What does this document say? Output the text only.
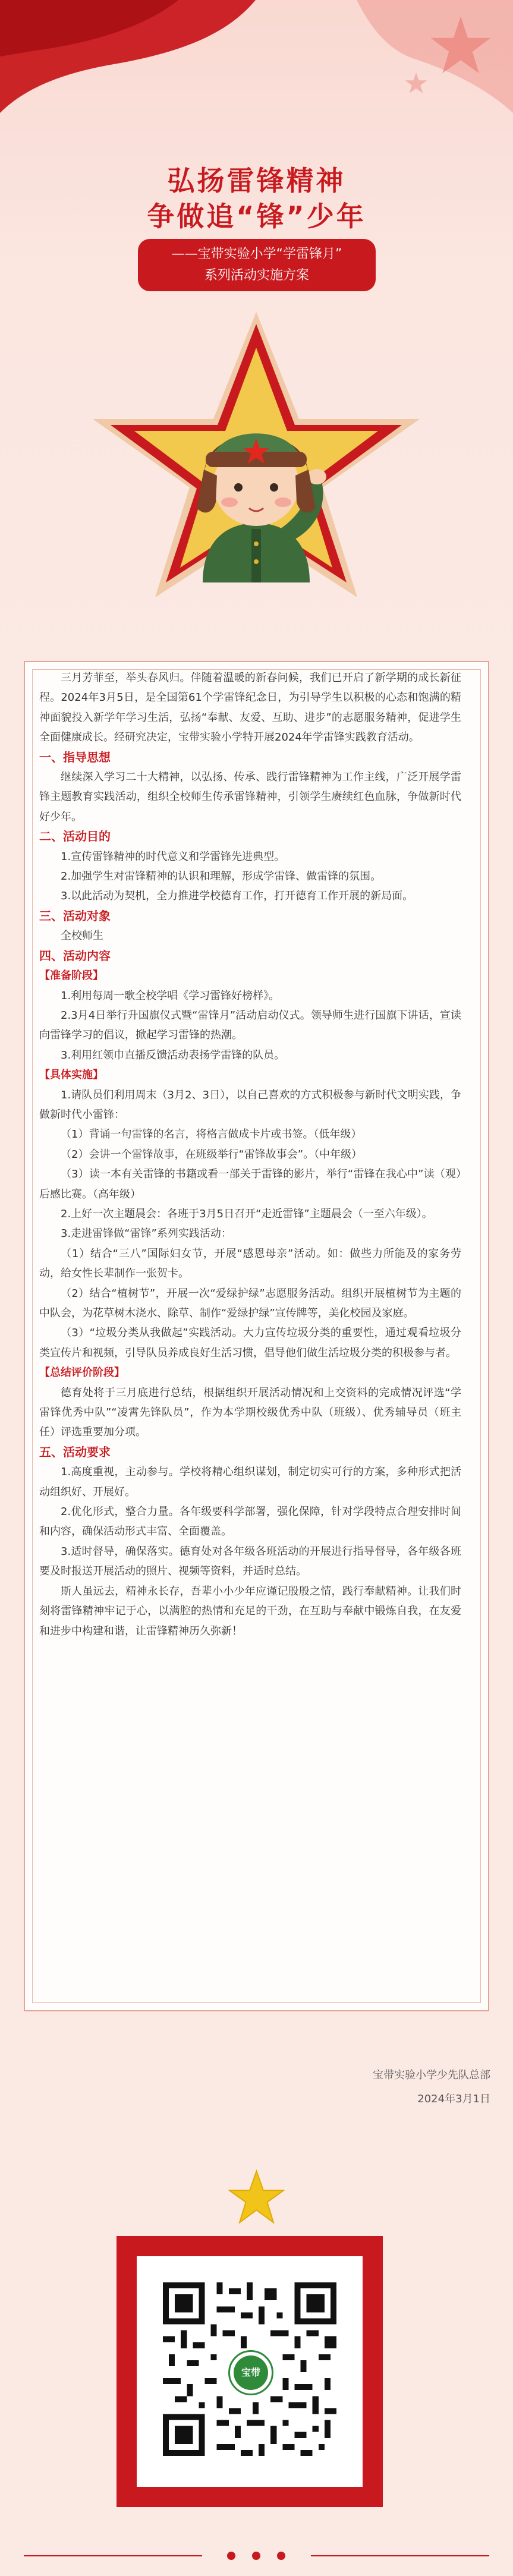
弘扬雷锋精神
争做追“锋”少年
——宝带实验小学“学雷锋月”
系列活动实施方案

三月芳菲至，举头春风归。伴随着温暖的新春问候，我们已开启了新学期的成长新征程。2024年3月5日，是全国第61个学雷锋纪念日，为引导学生以积极的心态和饱满的精神面貌投入新学年学习生活，弘扬“奉献、友爱、互助、进步”的志愿服务精神，促进学生全面健康成长。经研究决定，宝带实验小学特开展2024年学雷锋实践教育活动。

一、指导思想

继续深入学习二十大精神，以弘扬、传承、践行雷锋精神为工作主线，广泛开展学雷锋主题教育实践活动，组织全校师生传承雷锋精神，引领学生赓续红色血脉，争做新时代好少年。

二、活动目的

1.宣传雷锋精神的时代意义和学雷锋先进典型。

2.加强学生对雷锋精神的认识和理解，形成学雷锋、做雷锋的氛围。

3.以此活动为契机，全力推进学校德育工作，打开德育工作开展的新局面。

三、活动对象

全校师生

四、活动内容

【准备阶段】

1.利用每周一歌全校学唱《学习雷锋好榜样》。

2.3月4日举行升国旗仪式暨“雷锋月”活动启动仪式。领导师生进行国旗下讲话，宣读向雷锋学习的倡议，掀起学习雷锋的热潮。

3.利用红领巾直播反馈活动表扬学雷锋的队员。

【具体实施】

1.请队员们利用周末（3月2、3日），以自己喜欢的方式积极参与新时代文明实践，争做新时代小雷锋：

（1）背诵一句雷锋的名言，将格言做成卡片或书签。（低年级）

（2）会讲一个雷锋故事，在班级举行“雷锋故事会”。（中年级）

（3）读一本有关雷锋的书籍或看一部关于雷锋的影片，举行“雷锋在我心中”读（观）后感比赛。（高年级）

2.上好一次主题晨会：各班于3月5日召开“走近雷锋”主题晨会（一至六年级）。

3.走进雷锋做“雷锋”系列实践活动：

（1）结合“三八”国际妇女节，开展“感恩母亲”活动。如：做些力所能及的家务劳动，给女性长辈制作一张贺卡。

（2）结合“植树节”，开展一次“爱绿护绿”志愿服务活动。组织开展植树节为主题的中队会，为花草树木浇水、除草、制作“爱绿护绿”宣传牌等，美化校园及家庭。

（3）“垃圾分类从我做起”实践活动。大力宣传垃圾分类的重要性，通过观看垃圾分类宣传片和视频，引导队员养成良好生活习惯，倡导他们做生活垃圾分类的积极参与者。

【总结评价阶段】

德育处将于三月底进行总结，根据组织开展活动情况和上交资料的完成情况评选“学雷锋优秀中队”“凌霄先锋队员”，作为本学期校级优秀中队（班级）、优秀辅导员（班主任）评选重要加分项。

五、活动要求

1.高度重视，主动参与。学校将精心组织谋划，制定切实可行的方案，多种形式把活动组织好、开展好。

2.优化形式，整合力量。各年级要科学部署，强化保障，针对学段特点合理安排时间和内容，确保活动形式丰富、全面覆盖。

3.适时督导，确保落实。德育处对各年级各班活动的开展进行指导督导，各年级各班要及时报送开展活动的照片、视频等资料，并适时总结。

斯人虽远去，精神永长存，吾辈小小少年应谨记殷殷之情，践行奉献精神。让我们时刻将雷锋精神牢记于心，以满腔的热情和充足的干劲，在互助与奉献中锻炼自我，在友爱和进步中构建和谐，让雷锋精神历久弥新！

宝带实验小学少先队总部
2024年3月1日
宝带
